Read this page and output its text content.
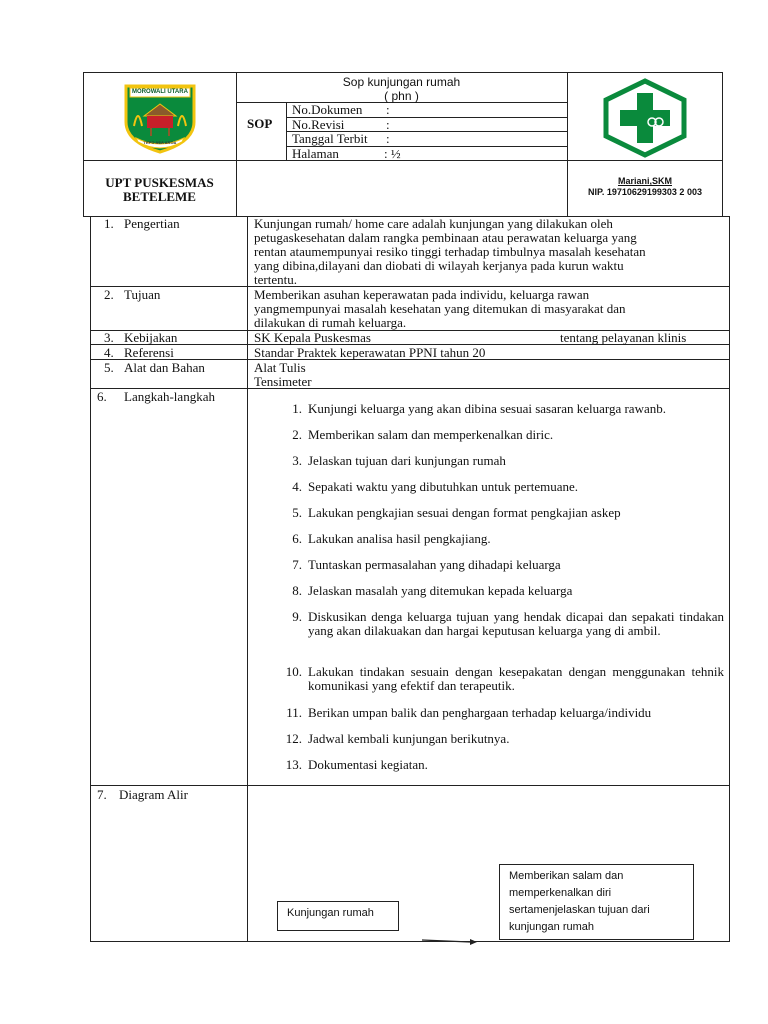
MOROWALI UTARA
TEPO ASA AROA
Sop kunjungan rumah
( phn )
SOP
No.Dokumen :
No.Revisi	:
Tanggal Terbit :
Halaman	: ½
UPT PUSKESMAS
BETELEME
Mariani,SKM
NIP. 19710629199303 2 003
1. Pengertian	Kunjungan rumah/ home care adalah kunjungan yang dilakukan oleh
petugaskesehatan dalam rangka pembinaan atau perawatan keluarga yang
rentan ataumempunyai resiko tinggi terhadap timbulnya masalah kesehatan
yang dibina,dilayani dan diobati di wilayah kerjanya pada kurun waktu
tertentu.
2. Tujuan	Memberikan asuhan keperawatan pada individu, keluarga rawan
yangmempunyai masalah kesehatan yang ditemukan di masyarakat dan
dilakukan di rumah keluarga.
3. Kebijakan	SK Kepala Puskesmas	tentang pelayanan klinis
4. Referensi	Standar Praktek keperawatan PPNI tahun 20
5. Alat dan Bahan	Alat Tulis
Tensimeter
6. Langkah-langkah
1. Kunjungi keluarga yang akan dibina sesuai sasaran keluarga rawanb.
2. Memberikan salam dan memperkenalkan diric.
3. Jelaskan tujuan dari kunjungan rumah
4. Sepakati waktu yang dibutuhkan untuk pertemuane.
5. Lakukan pengkajian sesuai dengan format pengkajian askep
6. Lakukan analisa hasil pengkajiang.
7. Tuntaskan permasalahan yang dihadapi keluarga
8. Jelaskan masalah yang ditemukan kepada keluarga
9. Diskusikan denga keluarga tujuan yang hendak dicapai dan sepakati tindakan yang akan dilakuakan dan hargai keputusan keluarga yang di ambil.
10. Lakukan tindakan sesuain dengan kesepakatan dengan menggunakan tehnik komunikasi yang efektif dan terapeutik.
11. Berikan umpan balik dan penghargaan terhadap keluarga/individu
12. Jadwal kembali kunjungan berikutnya.
13. Dokumentasi kegiatan.
7. Diagram Alir
Kunjungan rumah
Memberikan salam dan
memperkenalkan diri
sertamenjelaskan tujuan dari
kunjungan rumah
